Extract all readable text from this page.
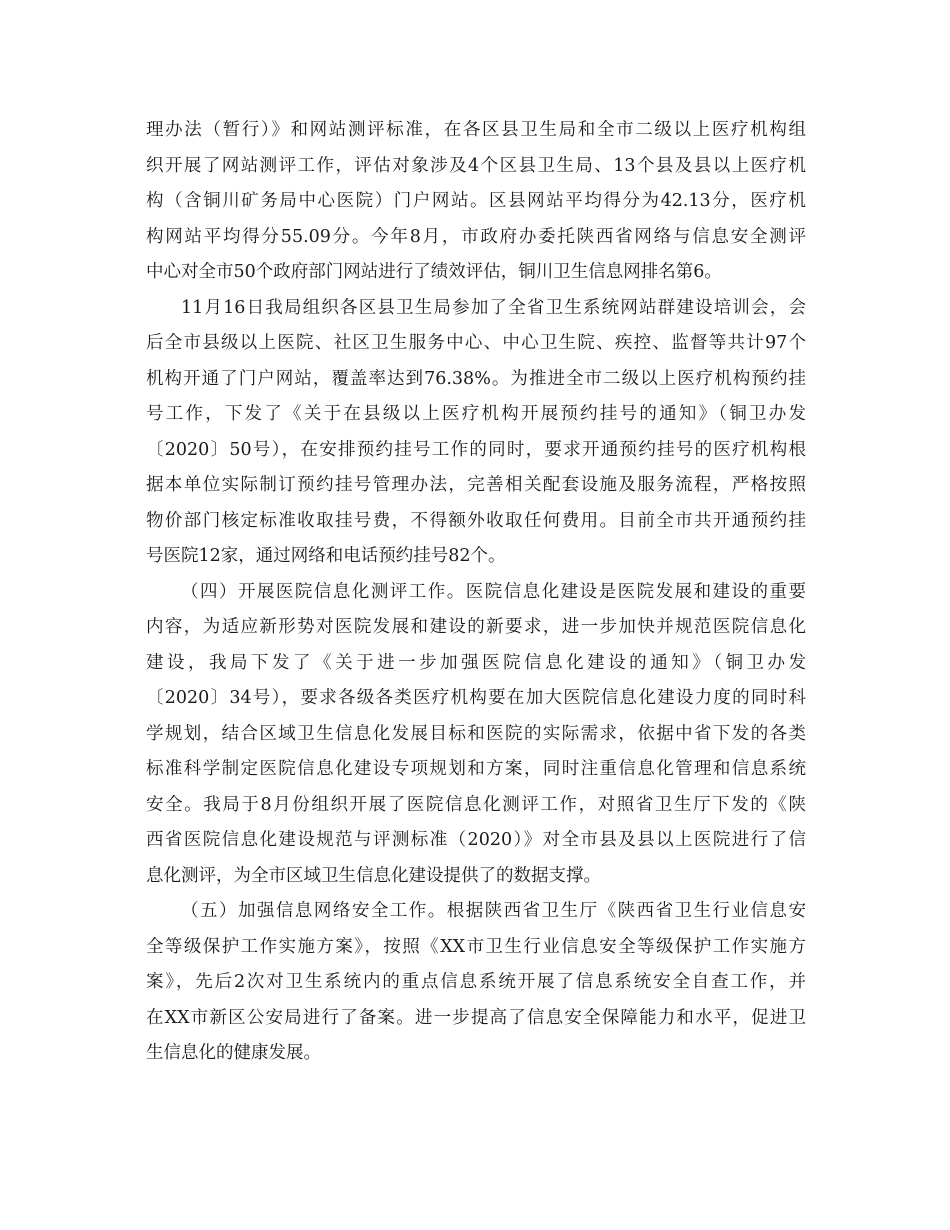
理办法（暂行）》和网站测评标准，在各区县卫生局和全市二级以上医疗机构组
织开展了网站测评工作，评估对象涉及4个区县卫生局、13个县及县以上医疗机
构（含铜川矿务局中心医院）门户网站。区县网站平均得分为42.13分，医疗机
构网站平均得分55.09分。今年8月，市政府办委托陕西省网络与信息安全测评
中心对全市50个政府部门网站进行了绩效评估，铜川卫生信息网排名第6。
11月16日我局组织各区县卫生局参加了全省卫生系统网站群建设培训会，会
后全市县级以上医院、社区卫生服务中心、中心卫生院、疾控、监督等共计97个
机构开通了门户网站，覆盖率达到76.38%。为推进全市二级以上医疗机构预约挂
号工作，下发了《关于在县级以上医疗机构开展预约挂号的通知》（铜卫办发
〔2020〕50号），在安排预约挂号工作的同时，要求开通预约挂号的医疗机构根
据本单位实际制订预约挂号管理办法，完善相关配套设施及服务流程，严格按照
物价部门核定标准收取挂号费，不得额外收取任何费用。目前全市共开通预约挂
号医院12家，通过网络和电话预约挂号82个。
（四）开展医院信息化测评工作。医院信息化建设是医院发展和建设的重要
内容，为适应新形势对医院发展和建设的新要求，进一步加快并规范医院信息化
建设，我局下发了《关于进一步加强医院信息化建设的通知》（铜卫办发
〔2020〕34号），要求各级各类医疗机构要在加大医院信息化建设力度的同时科
学规划，结合区域卫生信息化发展目标和医院的实际需求，依据中省下发的各类
标准科学制定医院信息化建设专项规划和方案，同时注重信息化管理和信息系统
安全。我局于8月份组织开展了医院信息化测评工作，对照省卫生厅下发的《陕
西省医院信息化建设规范与评测标准（2020）》对全市县及县以上医院进行了信
息化测评，为全市区域卫生信息化建设提供了的数据支撑。
（五）加强信息网络安全工作。根据陕西省卫生厅《陕西省卫生行业信息安
全等级保护工作实施方案》，按照《XX市卫生行业信息安全等级保护工作实施方
案》，先后2次对卫生系统内的重点信息系统开展了信息系统安全自查工作，并
在XX市新区公安局进行了备案。进一步提高了信息安全保障能力和水平，促进卫
生信息化的健康发展。
